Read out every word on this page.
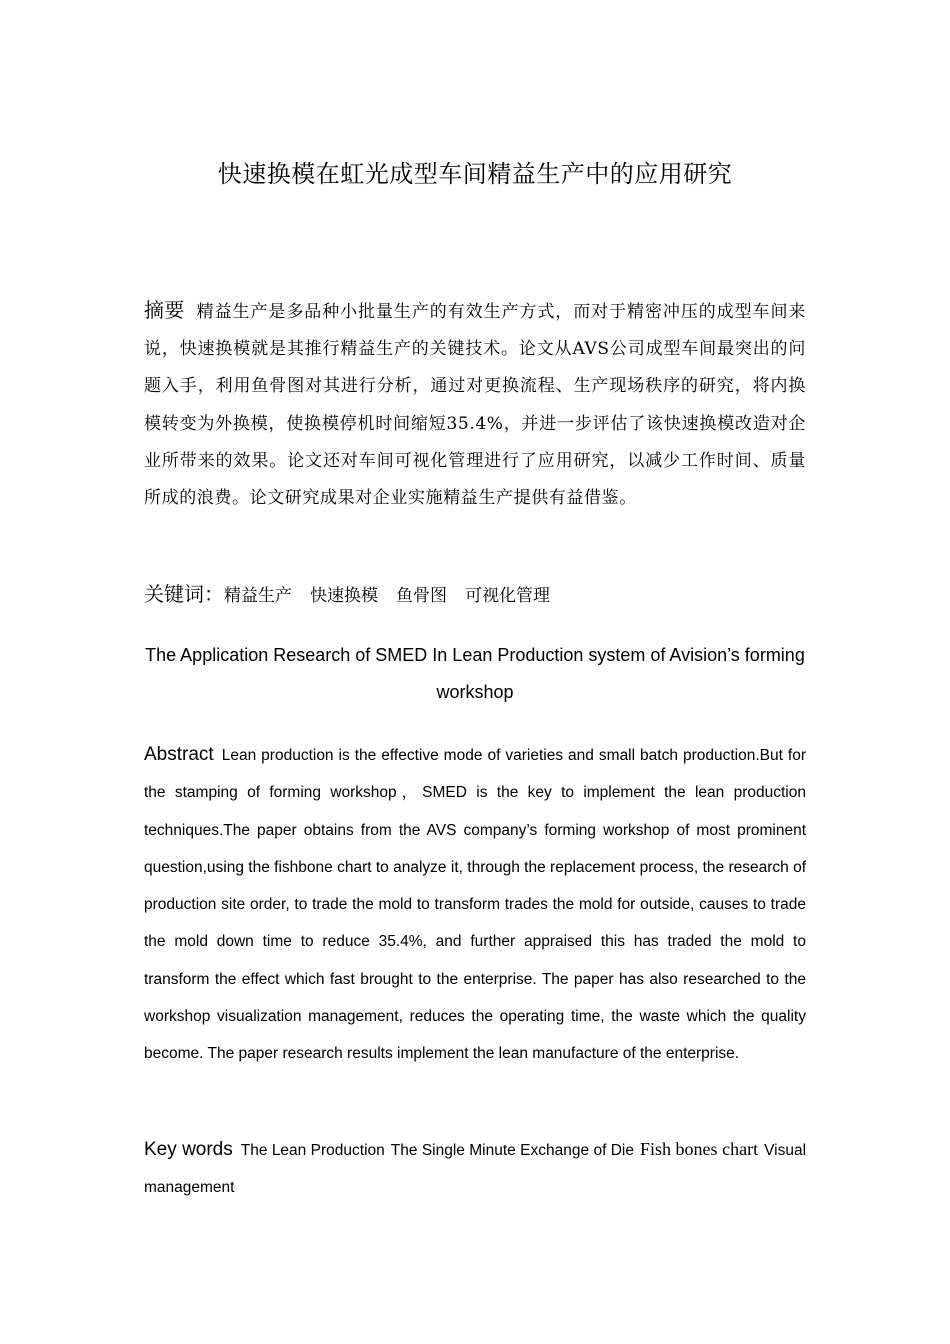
快速换模在虹光成型车间精益生产中的应用研究
摘要 精益生产是多品种小批量生产的有效生产方式，而对于精密冲压的成型车间来说，快速换模就是其推行精益生产的关键技术。论文从AVS公司成型车间最突出的问题入手，利用鱼骨图对其进行分析，通过对更换流程、生产现场秩序的研究，将内换模转变为外换模，使换模停机时间缩短35.4%，并进一步评估了该快速换模改造对企业所带来的效果。论文还对车间可视化管理进行了应用研究，以减少工作时间、质量所成的浪费。论文研究成果对企业实施精益生产提供有益借鉴。
关键词：精益生产 快速换模 鱼骨图 可视化管理
The Application Research of SMED In Lean Production system of Avision’s forming workshop
Abstract Lean production is the effective mode of varieties and small batch production.But for the stamping of forming workshop，SMED is the key to implement the lean production techniques.The paper obtains from the AVS company’s forming workshop of most prominent question,using the fishbone chart to analyze it, through the replacement process, the research of production site order, to trade the mold to transform trades the mold for outside, causes to trade the mold down time to reduce 35.4%, and further appraised this has traded the mold to transform the effect which fast brought to the enterprise. The paper has also researched to the workshop visualization management, reduces the operating time, the waste which the quality become. The paper research results implement the lean manufacture of the enterprise.
Key words The Lean Production The Single Minute Exchange of Die Fish bones chart Visual management
